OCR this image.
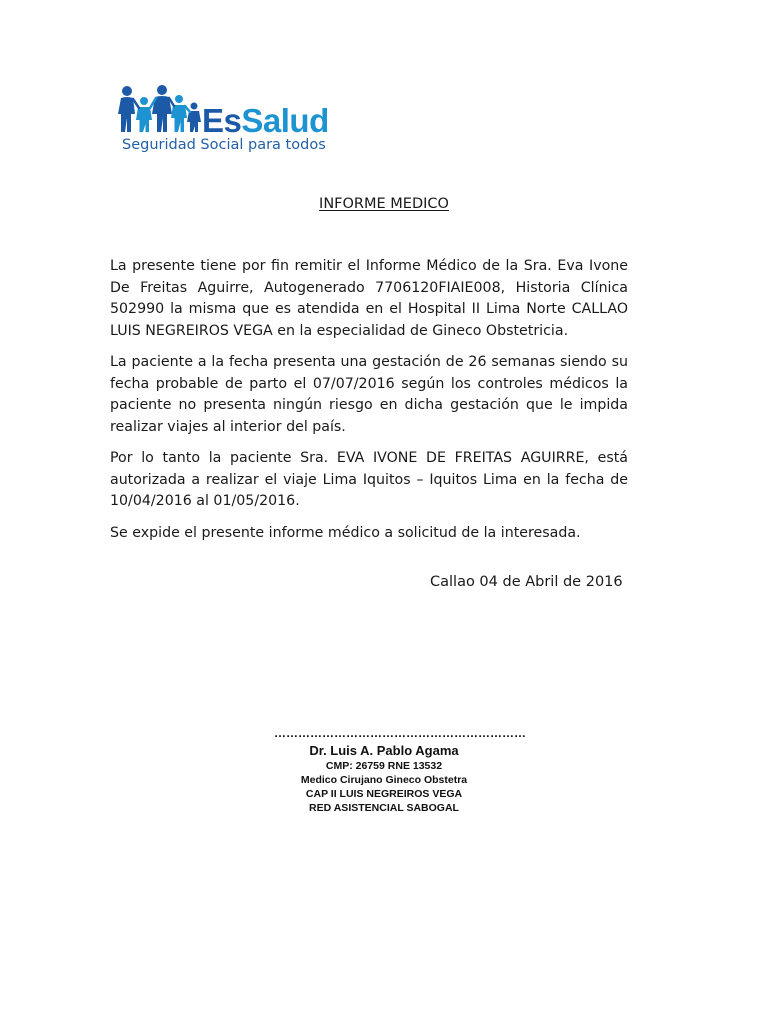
EsSalud
Seguridad Social para todos
INFORME MEDICO

La presente tiene por fin remitir el Informe Médico de la Sra. Eva Ivone De Freitas Aguirre, Autogenerado 7706120FIAIE008, Historia Clínica 502990 la misma que es atendida en el Hospital II Lima Norte CALLAO LUIS NEGREIROS VEGA en la especialidad de Gineco Obstetricia.

La paciente a la fecha presenta una gestación de 26 semanas siendo su fecha probable de parto el 07/07/2016 según los controles médicos la paciente no presenta ningún riesgo en dicha gestación que le impida realizar viajes al interior del país.

Por lo tanto la paciente Sra. EVA IVONE DE FREITAS AGUIRRE, está autorizada a realizar el viaje Lima Iquitos – Iquitos Lima en la fecha de 10/04/2016 al 01/05/2016.

Se expide el presente informe médico a solicitud de la interesada.

Callao 04 de Abril de 2016
………………………………………………………
Dr. Luis A. Pablo Agama
CMP: 26759 RNE 13532
Medico Cirujano Gineco Obstetra
CAP II LUIS NEGREIROS VEGA
RED ASISTENCIAL SABOGAL
